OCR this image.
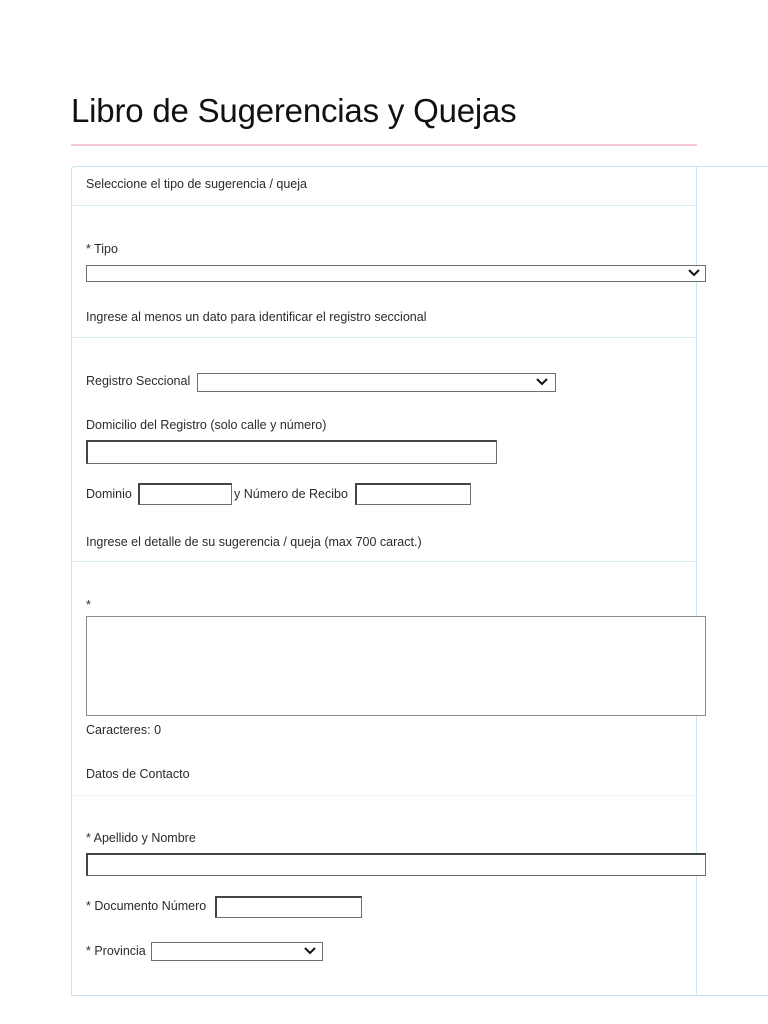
Libro de Sugerencias y Quejas
Seleccione el tipo de sugerencia / queja
* Tipo
Ingrese al menos un dato para identificar el registro seccional
Registro Seccional
Domicilio del Registro (solo calle y número)
Dominio	y Número de Recibo
Ingrese el detalle de su sugerencia / queja (max 700 caract.)
*
Caracteres: 0
Datos de Contacto
* Apellido y Nombre
* Documento Número
* Provincia
